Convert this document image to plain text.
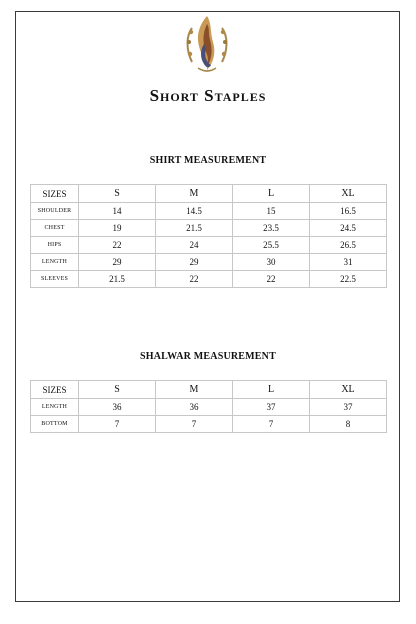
Short Staples
SHIRT MEASUREMENT
SIZES	S	M	L	XL
SHOULDER	14	14.5	15	16.5
CHEST	19	21.5	23.5	24.5
HIPS	22	24	25.5	26.5
LENGTH	29	29	30	31
SLEEVES	21.5	22	22	22.5
SHALWAR MEASUREMENT
SIZES	S	M	L	XL
LENGTH	36	36	37	37
BOTTOM	7	7	7	8
